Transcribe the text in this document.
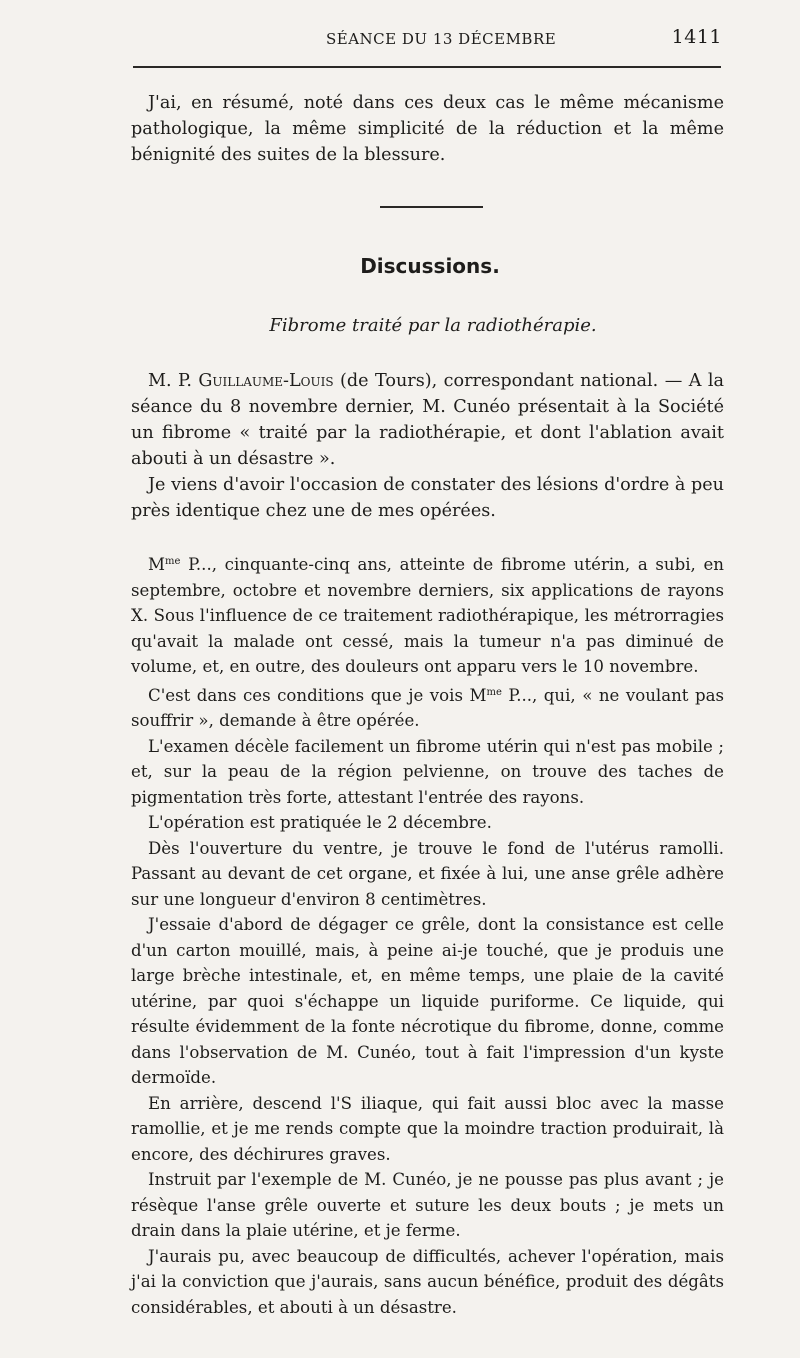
SÉANCE DU 13 DÉCEMBRE	1411

J'ai, en résumé, noté dans ces deux cas le même mécanisme pathologique, la même simplicité de la réduction et la même bénignité des suites de la blessure.

Discussions.
Fibrome traité par la radiothérapie.

M. P. Guillaume-Louis (de Tours), correspondant national. — A la séance du 8 novembre dernier, M. Cunéo présentait à la Société un fibrome « traité par la radiothérapie, et dont l'ablation avait abouti à un désastre ».

Je viens d'avoir l'occasion de constater des lésions d'ordre à peu près identique chez une de mes opérées.

$M^{me}$ P..., cinquante-cinq ans, atteinte de fibrome utérin, a subi, en septembre, octobre et novembre derniers, six applications de rayons X. Sous l'influence de ce traitement radiothérapique, les métrorragies qu'avait la malade ont cessé, mais la tumeur n'a pas diminué de volume, et, en outre, des douleurs ont apparu vers le 10 novembre.

C'est dans ces conditions que je vois $M^{me}$ P..., qui, « ne voulant pas souffrir », demande à être opérée.

L'examen décèle facilement un fibrome utérin qui n'est pas mobile ; et, sur la peau de la région pelvienne, on trouve des taches de pigmentation très forte, attestant l'entrée des rayons.

L'opération est pratiquée le 2 décembre.

Dès l'ouverture du ventre, je trouve le fond de l'utérus ramolli. Passant au devant de cet organe, et fixée à lui, une anse grêle adhère sur une longueur d'environ 8 centimètres.

J'essaie d'abord de dégager ce grêle, dont la consistance est celle d'un carton mouillé, mais, à peine ai-je touché, que je produis une large brèche intestinale, et, en même temps, une plaie de la cavité utérine, par quoi s'échappe un liquide puriforme. Ce liquide, qui résulte évidemment de la fonte nécrotique du fibrome, donne, comme dans l'observation de M. Cunéo, tout à fait l'impression d'un kyste dermoïde.

En arrière, descend l'S iliaque, qui fait aussi bloc avec la masse ramollie, et je me rends compte que la moindre traction produirait, là encore, des déchirures graves.

Instruit par l'exemple de M. Cunéo, je ne pousse pas plus avant ; je résèque l'anse grêle ouverte et suture les deux bouts ; je mets un drain dans la plaie utérine, et je ferme.

J'aurais pu, avec beaucoup de difficultés, achever l'opération, mais j'ai la conviction que j'aurais, sans aucun bénéfice, produit des dégâts considérables, et abouti à un désastre.
